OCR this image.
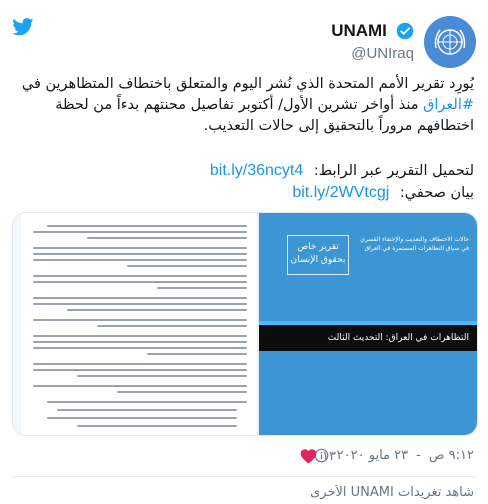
UNAMI
@UNIraq
يُورِد تقرير الأمم المتحدة الذي نُشر اليوم والمتعلق باختطاف المتظاهرين في #العراق منذ أواخر تشرين الأول/ أكتوبر تفاصيل محنتهم بدءاً من لحظة اختطافهم مروراً بالتحقيق إلى حالات التعذيب.
لتحميل التقرير عبر الرابط: bit.ly/36ncyt4
بيان صحفي: bit.ly/2WVtcgj
تقرير خاص بحقوق الإنسان
حالات الاختطاف والتعذيب والإختفاء القسري في سياق التظاهرات المستمرة في العراق
التظاهرات في العراق: التحديث الثالث
٩:١٢ ص
-
٢٣ مايو ٢٠٢٠
١٣
شاهد تغريدات UNAMI الأخرى
